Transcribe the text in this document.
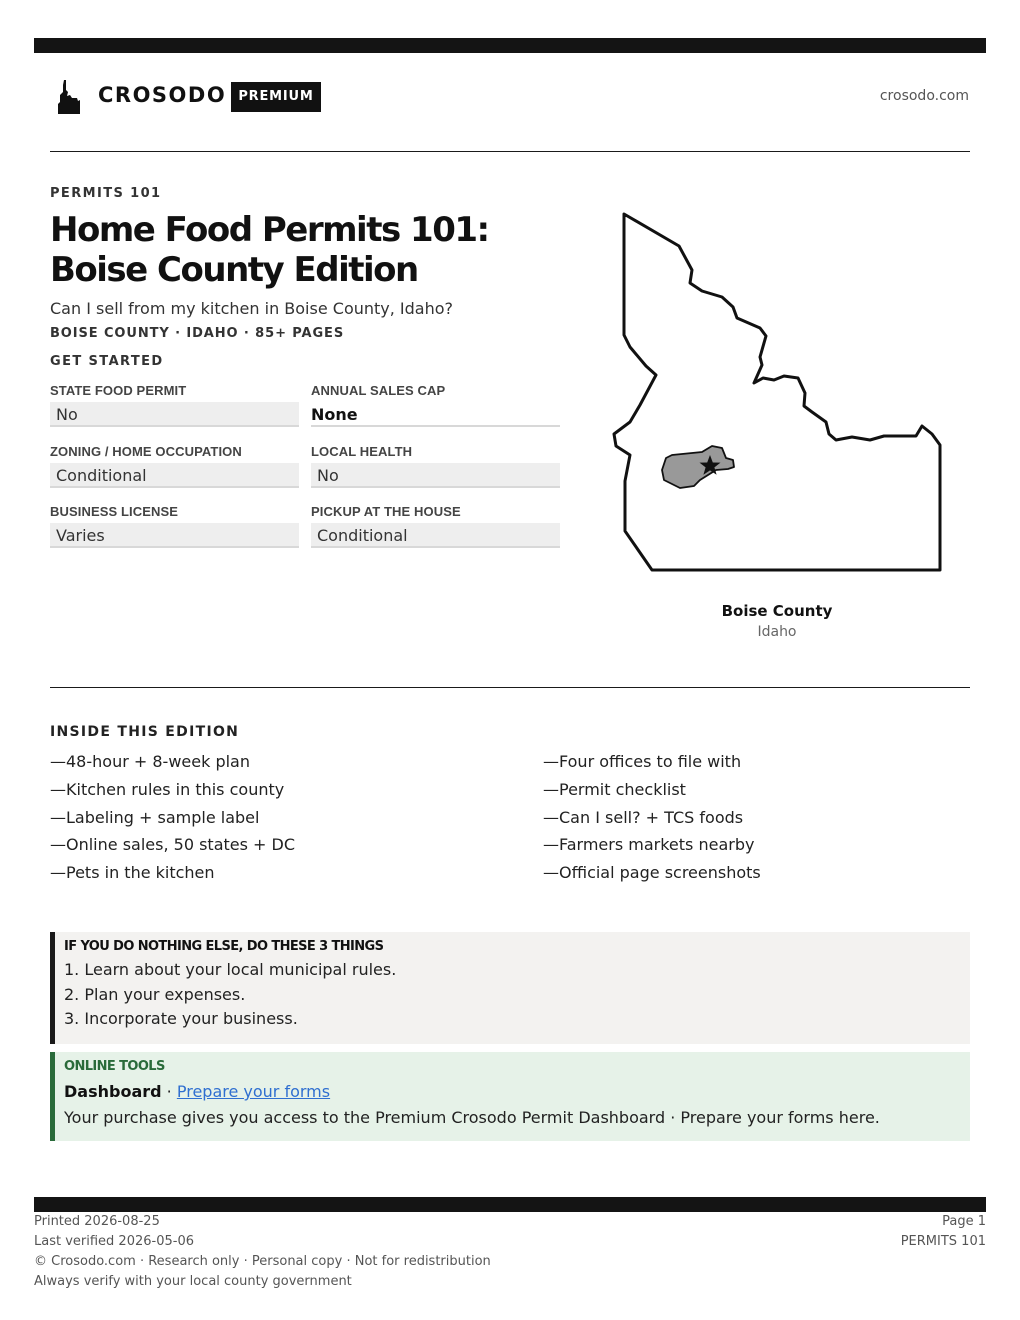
CROSODO PREMIUM	crosodo.com
PERMITS 101
Home Food Permits 101: Boise County Edition
Can I sell from my kitchen in Boise County, Idaho?
BOISE COUNTY · IDAHO · 85+ PAGES
GET STARTED
STATE FOOD PERMIT
No
ANNUAL SALES CAP
None
ZONING / HOME OCCUPATION
Conditional
LOCAL HEALTH
No
BUSINESS LICENSE
Varies
PICKUP AT THE HOUSE
Conditional
Boise County
Idaho
INSIDE THIS EDITION
—48-hour + 8-week plan
—Kitchen rules in this county
—Labeling + sample label
—Online sales, 50 states + DC
—Pets in the kitchen
—Four offices to file with
—Permit checklist
—Can I sell? + TCS foods
—Farmers markets nearby
—Official page screenshots
IF YOU DO NOTHING ELSE, DO THESE 3 THINGS
1. Learn about your local municipal rules.
2. Plan your expenses.
3. Incorporate your business.
ONLINE TOOLS
Dashboard · Prepare your forms
Your purchase gives you access to the Premium Crosodo Permit Dashboard · Prepare your forms here.
Printed 2026-08-25
Last verified 2026-05-06
© Crosodo.com · Research only · Personal copy · Not for redistribution
Always verify with your local county government
Page 1
PERMITS 101
